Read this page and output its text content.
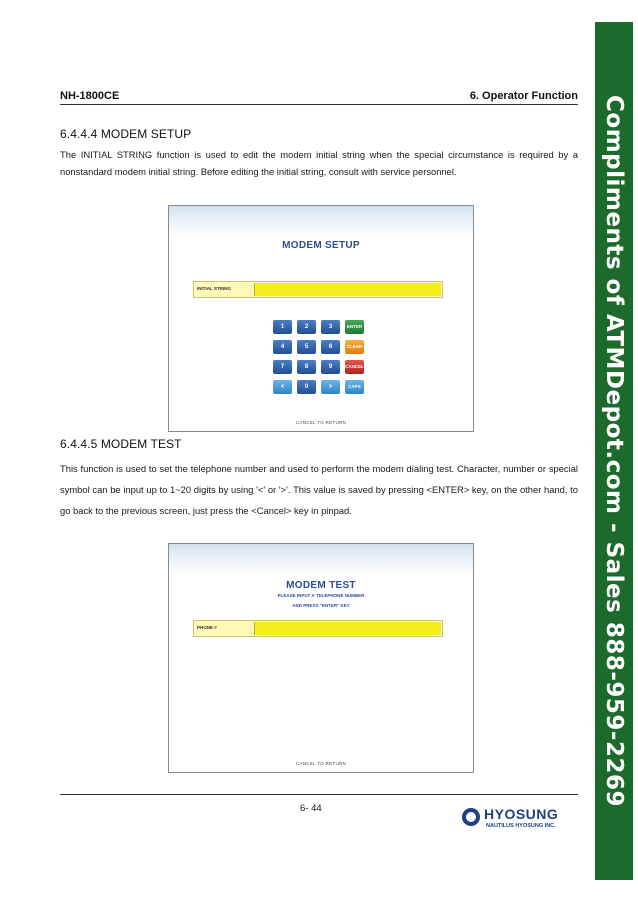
NH-1800CE	6. Operator Function
6.4.4.4 MODEM SETUP
The INITIAL STRING function is used to edit the modem initial string when the special circumstance is required by a nonstandard modem initial string. Before editing the initial string, consult with service personnel.
MODEM SETUP
INITIAL STRING
1	2	3	ENTER
4	5	6	CLEAR
7	8	9	CANCEL
<	0	>	CAPS
CANCEL TO RETURN
6.4.4.5 MODEM TEST
This function is used to set the telephone number and used to perform the modem dialing test. Character, number or special symbol can be input up to 1~20 digits by using '<' or '>'. This value is saved by pressing <ENTER> key, on the other hand, to go back to the previous screen, just press the <Cancel> key in pinpad.
MODEM TEST
PLEASE INPUT A TELEPHONE NUMBER
AND PRESS "ENTER" KEY
PHONE #
CANCEL TO RETURN
6- 44	HYOSUNG
NAUTILUS HYOSUNG INC.
Compliments of ATMDepot.com - Sales 888-959-2269
